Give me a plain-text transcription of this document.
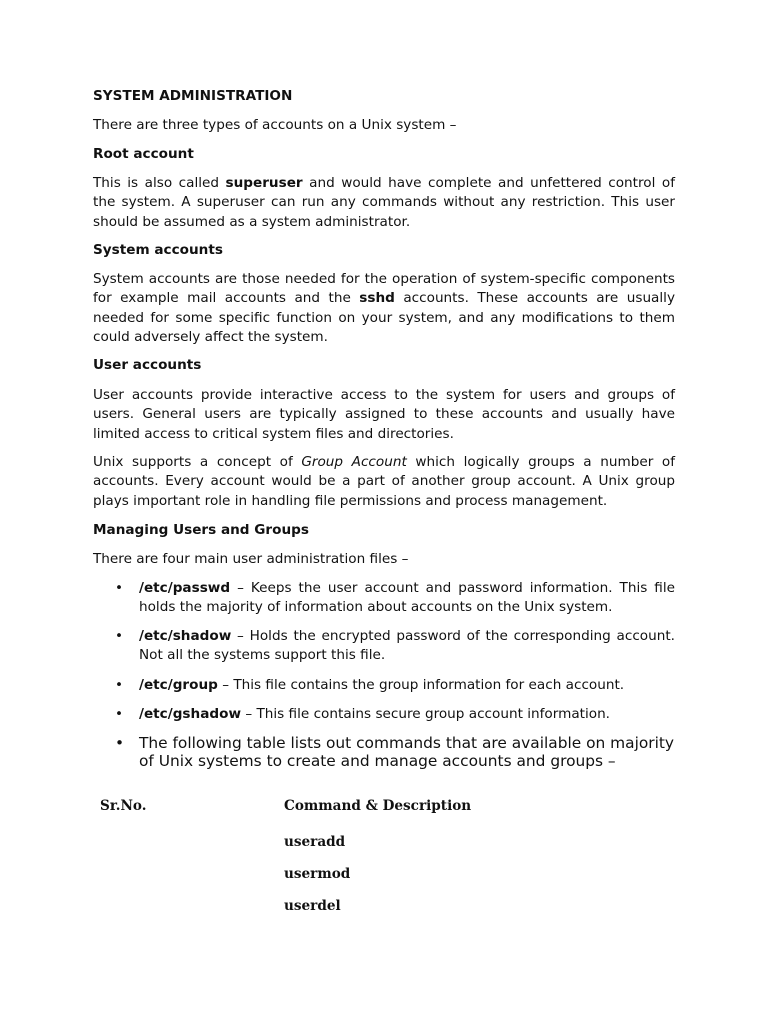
SYSTEM ADMINISTRATION
There are three types of accounts on a Unix system –
Root account
This is also called superuser and would have complete and unfettered control of the system. A superuser can run any commands without any restriction. This user should be assumed as a system administrator.
System accounts
System accounts are those needed for the operation of system-specific components for example mail accounts and the sshd accounts. These accounts are usually needed for some specific function on your system, and any modifications to them could adversely affect the system.
User accounts
User accounts provide interactive access to the system for users and groups of users. General users are typically assigned to these accounts and usually have limited access to critical system files and directories.
Unix supports a concept of Group Account which logically groups a number of accounts. Every account would be a part of another group account. A Unix group plays important role in handling file permissions and process management.
Managing Users and Groups
There are four main user administration files –
• /etc/passwd – Keeps the user account and password information. This file holds the majority of information about accounts on the Unix system.
• /etc/shadow – Holds the encrypted password of the corresponding account. Not all the systems support this file.
• /etc/group – This file contains the group information for each account.
• /etc/gshadow – This file contains secure group account information.
• The following table lists out commands that are available on majority of Unix systems to create and manage accounts and groups –
Sr.No.	Command & Description
useradd
usermod
userdel
